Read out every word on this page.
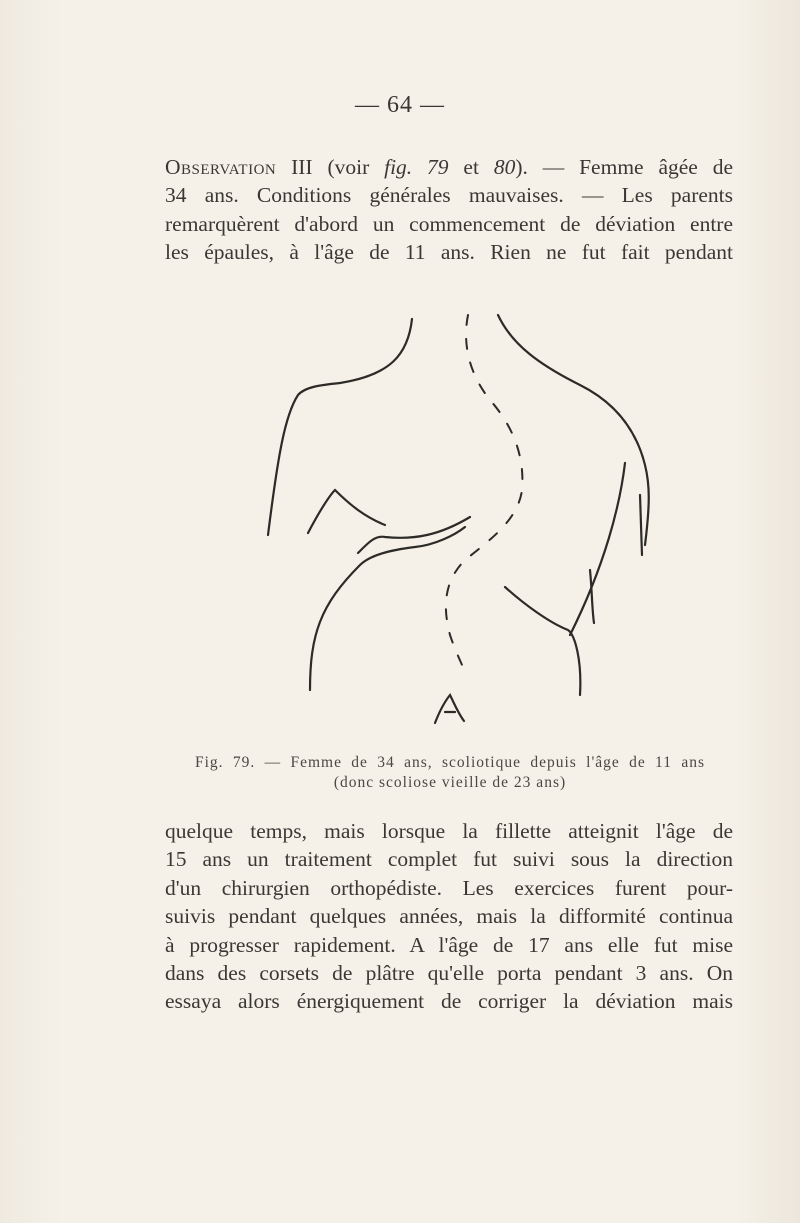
— 64 —
Observation III (voir fig. 79 et 80). — Femme âgée de
34 ans. Conditions générales mauvaises. — Les parents
remarquèrent d'abord un commencement de déviation entre
les épaules, à l'âge de 11 ans. Rien ne fut fait pendant
Fig. 79. — Femme de 34 ans, scoliotique depuis l'âge de 11 ans
(donc scoliose vieille de 23 ans)
quelque temps, mais lorsque la fillette atteignit l'âge de
15 ans un traitement complet fut suivi sous la direction
d'un chirurgien orthopédiste. Les exercices furent pour-
suivis pendant quelques années, mais la difformité continua
à progresser rapidement. A l'âge de 17 ans elle fut mise
dans des corsets de plâtre qu'elle porta pendant 3 ans. On
essaya alors énergiquement de corriger la déviation mais
